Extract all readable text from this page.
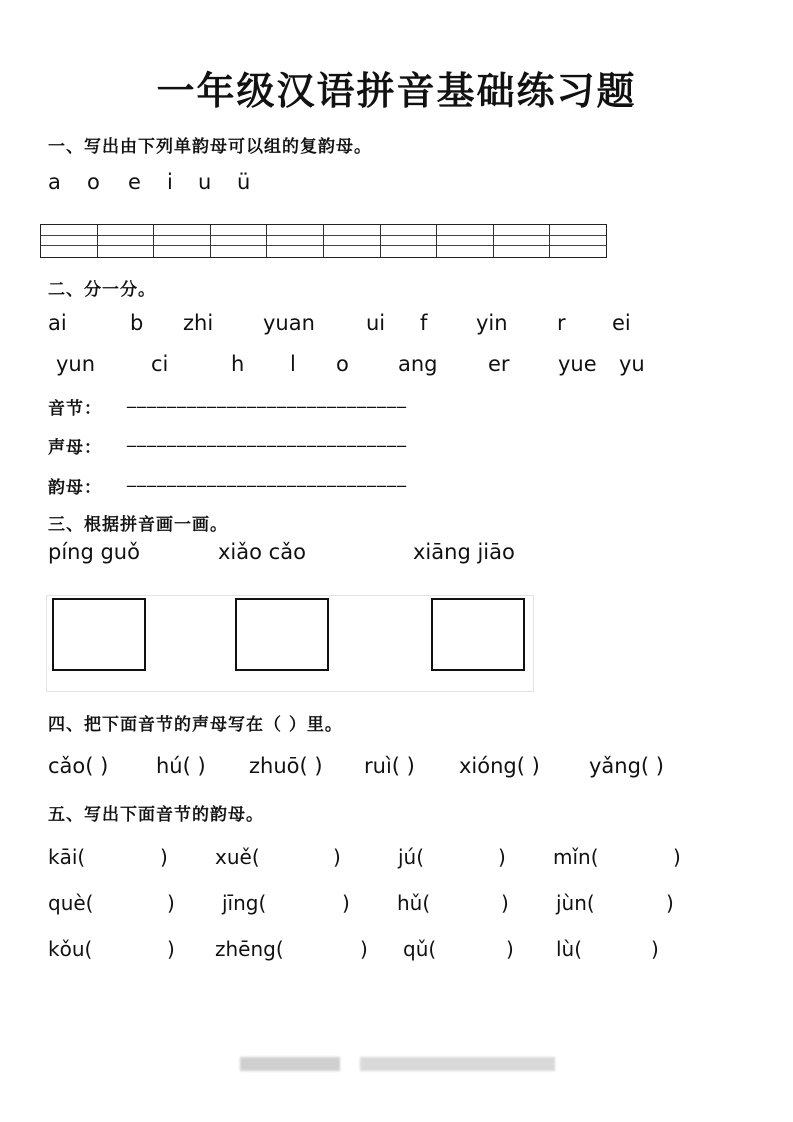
一年级汉语拼音基础练习题
一、写出由下列单韵母可以组的复韵母。
a o e i u ü
二、分一分。
ai	b zhi yuan ui f yin r ei
yun	ci	h l o ang er yue yu
音节： ____________________________
声母： ____________________________
韵母： ____________________________
三、根据拼音画一画。
píng guǒ	xiǎo cǎo	xiāng jiāo
四、把下面音节的声母写在（ ）里。
cǎo( ) hú( ) zhuō( ) ruì( ) xióng( ) yǎng( )
五、写出下面音节的韵母。
kāi(	) xuě(	)	jú(	) mǐn(	)
què(	) jīng(	) hǔ(	) jùn(	)
kǒu(	) zhēng(	) qǔ(	) lù(	)
